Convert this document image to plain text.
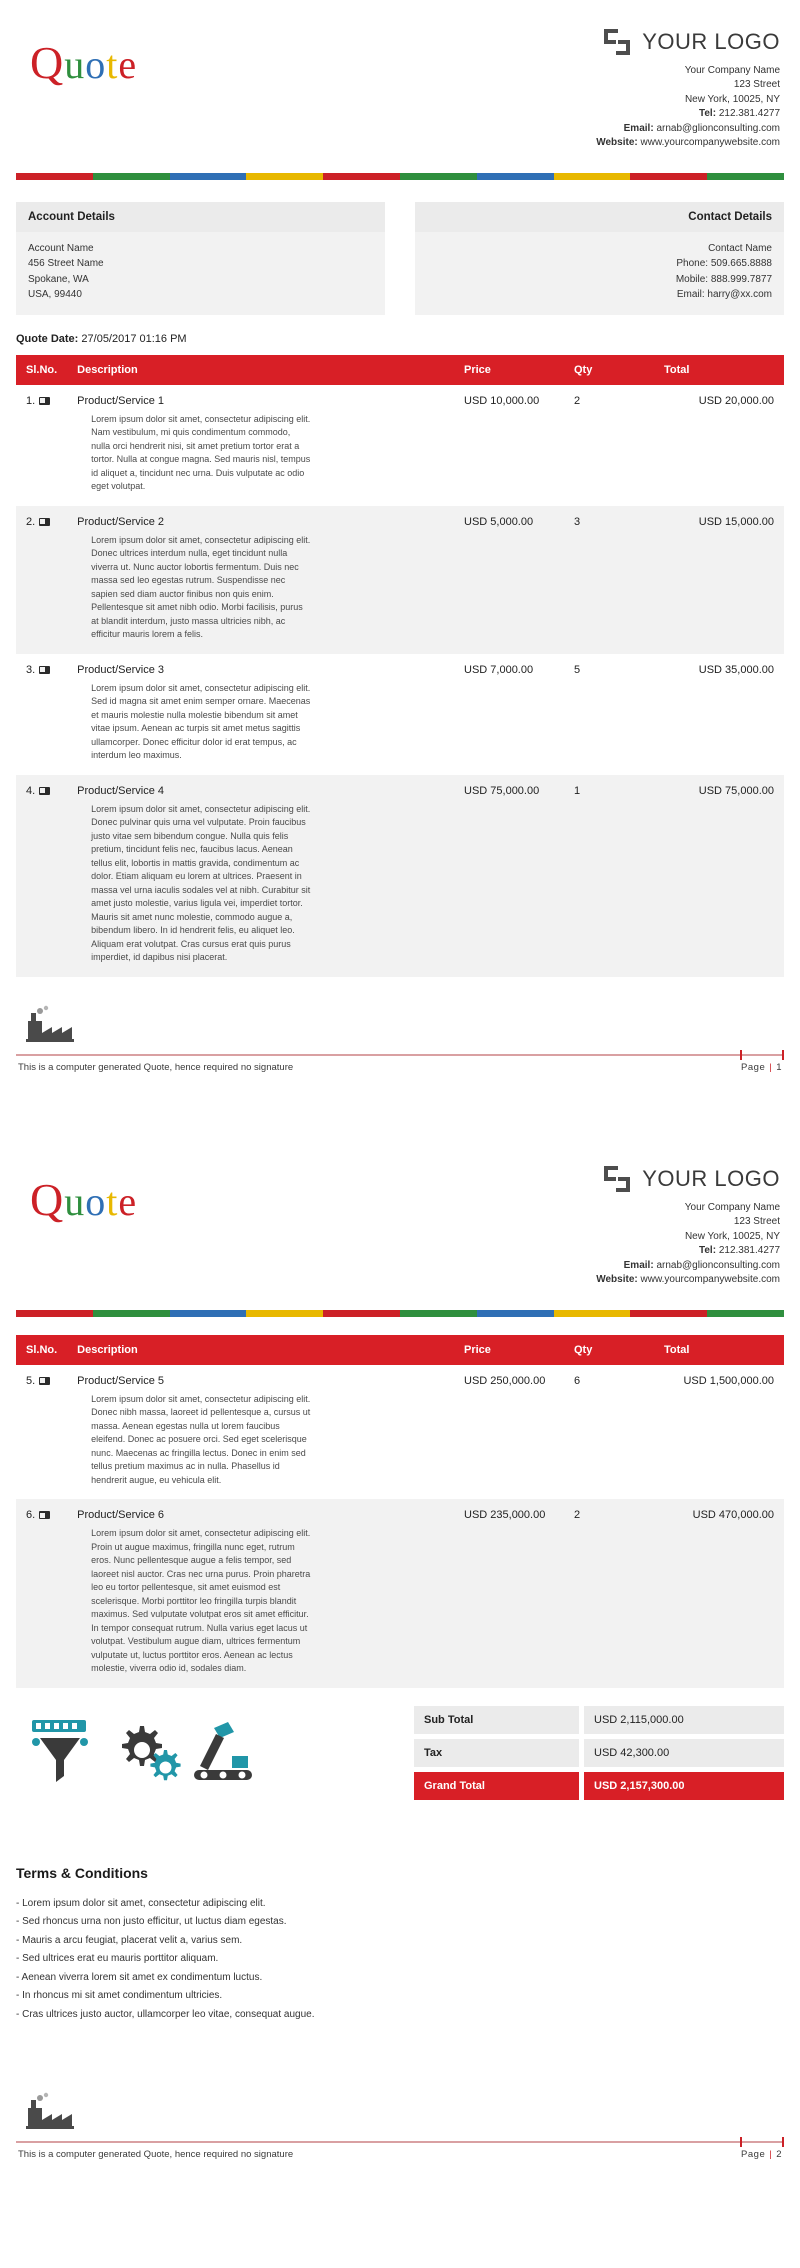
Quote
YOUR LOGO
Your Company Name
123 Street
New York, 10025, NY
Tel: 212.381.4277
Email: arnab@glionconsulting.com
Website: www.yourcompanywebsite.com
Account Details
Account Name
456 Street Name
Spokane, WA
USA, 99440
Contact Details
Contact Name
Phone: 509.665.8888
Mobile: 888.999.7877
Email: harry@xx.com
Quote Date: 27/05/2017 01:16 PM
Sl.No.	Description	Price	Qty	Total
1.	Product/Service 1	USD 10,000.00	2	USD 20,000.00

	Lorem ipsum dolor sit amet, consectetur adipiscing elit. Nam vestibulum, mi quis condimentum commodo, nulla orci hendrerit nisi, sit amet pretium tortor erat a tortor. Nulla at congue magna. Sed mauris nisl, tempus id aliquet a, tincidunt nec urna. Duis vulputate ac odio eget volutpat.			

2.	Product/Service 2	USD 5,000.00	3	USD 15,000.00

	Lorem ipsum dolor sit amet, consectetur adipiscing elit. Donec ultrices interdum nulla, eget tincidunt nulla viverra ut. Nunc auctor lobortis fermentum. Duis nec massa sed leo egestas rutrum. Suspendisse nec sapien sed diam auctor finibus non quis enim. Pellentesque sit amet nibh odio. Morbi facilisis, purus at blandit interdum, justo massa ultricies nibh, ac efficitur mauris lorem a felis.			

3.	Product/Service 3	USD 7,000.00	5	USD 35,000.00

	Lorem ipsum dolor sit amet, consectetur adipiscing elit. Sed id magna sit amet enim semper ornare. Maecenas et mauris molestie nulla molestie bibendum sit amet vitae ipsum. Aenean ac turpis sit amet metus sagittis ullamcorper. Donec efficitur dolor id erat tempus, ac interdum leo maximus.			

4.	Product/Service 4	USD 75,000.00	1	USD 75,000.00

	Lorem ipsum dolor sit amet, consectetur adipiscing elit. Donec pulvinar quis urna vel vulputate. Proin faucibus justo vitae sem bibendum congue. Nulla quis felis pretium, tincidunt felis nec, faucibus lacus. Aenean tellus elit, lobortis in mattis gravida, condimentum ac dolor. Etiam aliquam eu lorem at ultrices. Praesent in massa vel urna iaculis sodales vel at nibh. Curabitur sit amet justo molestie, varius ligula vei, imperdiet tortor. Mauris sit amet nunc molestie, commodo augue a, bibendum libero. In id hendrerit felis, eu aliquet leo. Aliquam erat volutpat. Cras cursus erat quis purus imperdiet, id dapibus nisi placerat.			
This is a computer generated Quote, hence required no signature	Page | 1
Quote
YOUR LOGO
Your Company Name
123 Street
New York, 10025, NY
Tel: 212.381.4277
Email: arnab@glionconsulting.com
Website: www.yourcompanywebsite.com
Sl.No.	Description	Price	Qty	Total
5.	Product/Service 5	USD 250,000.00	6	USD 1,500,000.00

	Lorem ipsum dolor sit amet, consectetur adipiscing elit. Donec nibh massa, laoreet id pellentesque a, cursus ut massa. Aenean egestas nulla ut lorem faucibus eleifend. Donec ac posuere orci. Sed eget scelerisque nunc. Maecenas ac fringilla lectus. Donec in enim sed tellus pretium maximus ac in nulla. Phasellus id hendrerit augue, eu vehicula elit.			

6.	Product/Service 6	USD 235,000.00	2	USD 470,000.00

	Lorem ipsum dolor sit amet, consectetur adipiscing elit. Proin ut augue maximus, fringilla nunc eget, rutrum eros. Nunc pellentesque augue a felis tempor, sed laoreet nisl auctor. Cras nec urna purus. Proin pharetra leo eu tortor pellentesque, sit amet euismod est scelerisque. Morbi porttitor leo fringilla turpis blandit maximus. Sed vulputate volutpat eros sit amet efficitur. In tempor consequat rutrum. Nulla varius eget lacus ut volutpat. Vestibulum augue diam, ultrices fermentum vulputate ut, luctus porttitor eros. Aenean ac lectus molestie, viverra odio id, sodales diam.			
Sub Total	USD 2,115,000.00
Tax	USD 42,300.00
Grand Total	USD 2,157,300.00
Terms & Conditions
- Lorem ipsum dolor sit amet, consectetur adipiscing elit.
- Sed rhoncus urna non justo efficitur, ut luctus diam egestas.
- Mauris a arcu feugiat, placerat velit a, varius sem.
- Sed ultrices erat eu mauris porttitor aliquam.
- Aenean viverra lorem sit amet ex condimentum luctus.
- In rhoncus mi sit amet condimentum ultricies.
- Cras ultrices justo auctor, ullamcorper leo vitae, consequat augue.
This is a computer generated Quote, hence required no signature	Page | 2
